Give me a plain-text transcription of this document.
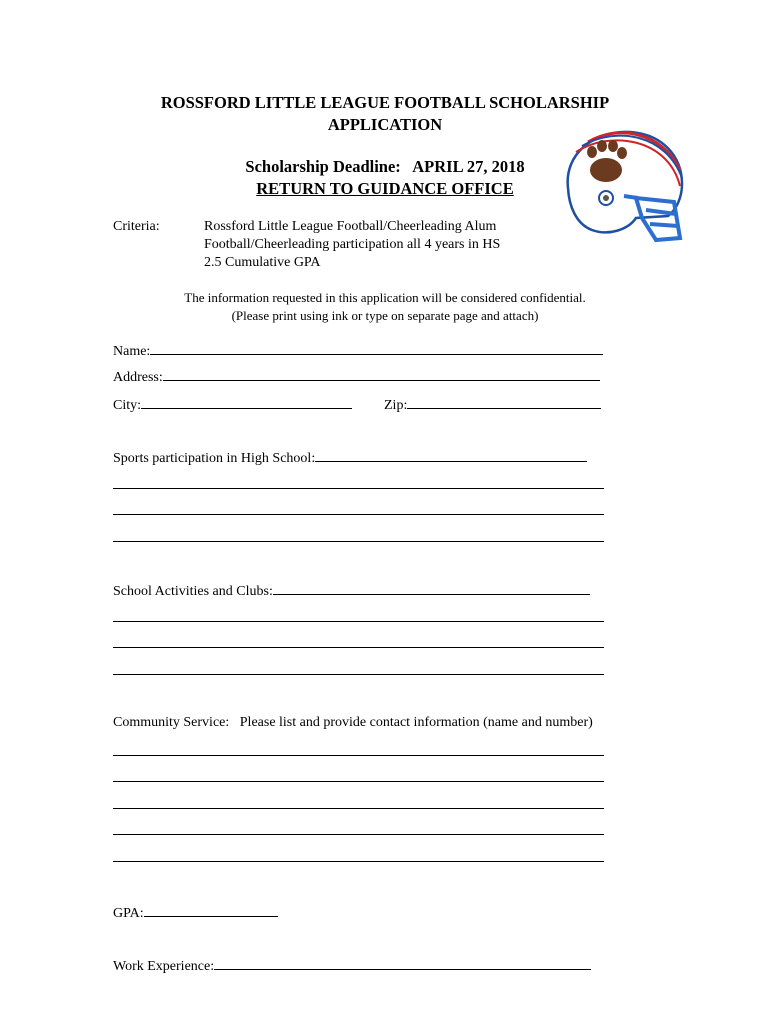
ROSSFORD LITTLE LEAGUE FOOTBALL SCHOLARSHIP
APPLICATION
Scholarship Deadline:   APRIL 27, 2018
RETURN TO GUIDANCE OFFICE
Criteria:	Rossford Little League Football/Cheerleading Alum
Football/Cheerleading participation all 4 years in HS
2.5 Cumulative GPA
The information requested in this application will be considered confidential.
(Please print using ink or type on separate page and attach)
Name:
Address:
City:	Zip:
Sports participation in High School:
School Activities and Clubs:
Community Service:   Please list and provide contact information (name and number)
GPA:
Work Experience:
